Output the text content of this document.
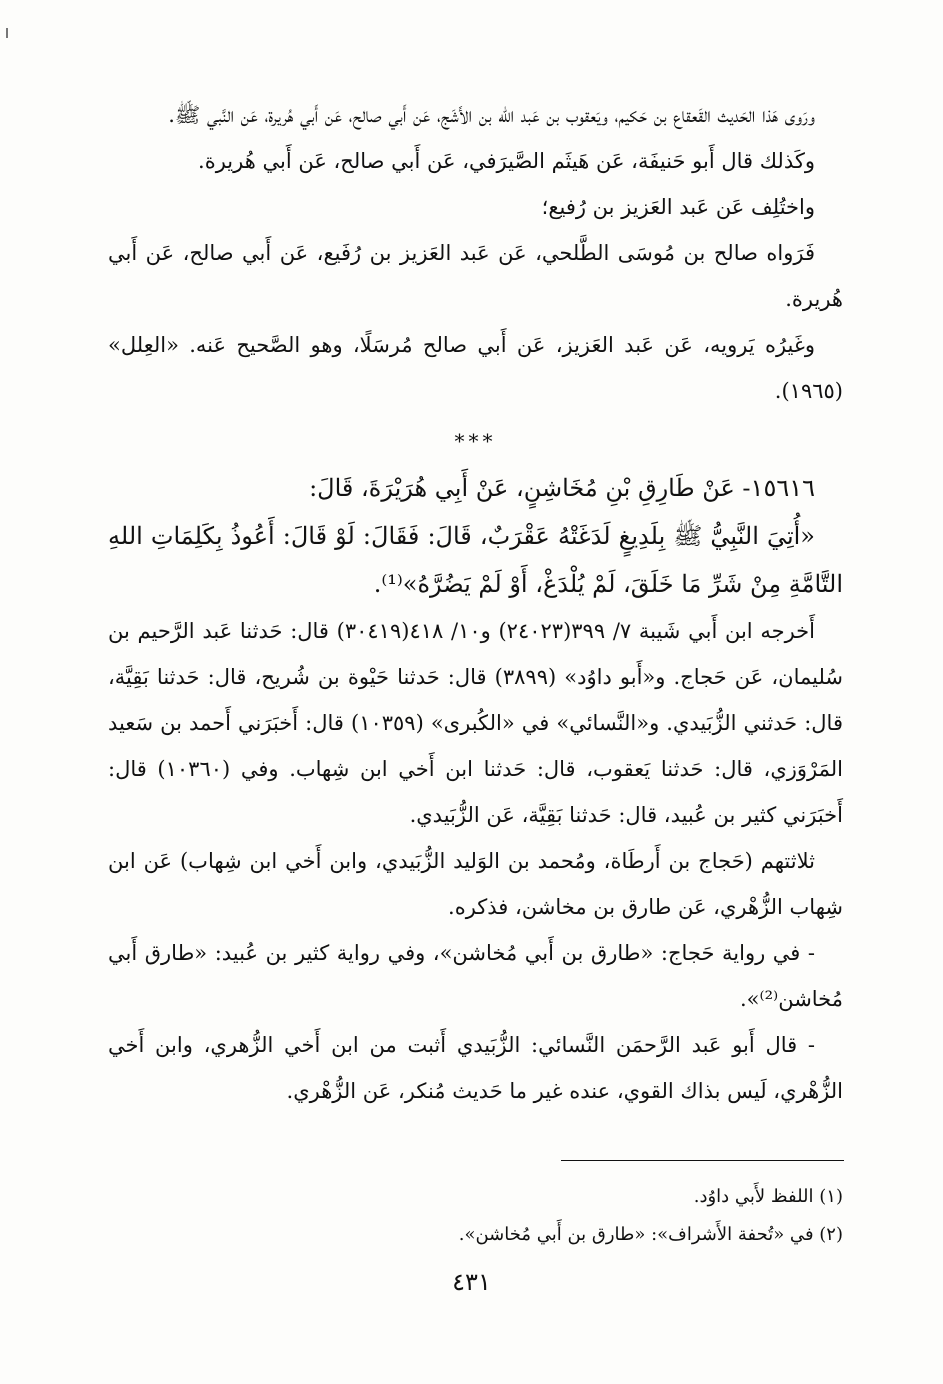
ورَوى هَذا الحَديث القَعقاع بن حَكيم، ويَعقوب بن عَبد الله بن الأَشَج، عَن أَبي صالح، عَن أَبي هُريرة، عَن النَّبي ﷺ.

وكَذلك قال أَبو حَنيفَة، عَن هَيثَم الصَّيرَفي، عَن أَبي صالح، عَن أَبي هُريرة.

واختُلِف عَن عَبد العَزيز بن رُفيع؛

فَرَواه صالح بن مُوسَى الطَّلحي، عَن عَبد العَزيز بن رُفَيع، عَن أَبي صالح، عَن أَبي هُريرة.

وغَيرُه يَرويه، عَن عَبد العَزيز، عَن أَبي صالح مُرسَلًا، وهو الصَّحيح عَنه. «العِلل» (١٩٦٥).

***

١٥٦١٦- عَنْ طَارِقِ بْنِ مُخَاشِنٍ، عَنْ أَبِي هُرَيْرَةَ، قَالَ:

«أُتِيَ النَّبِيُّ ﷺ بِلَدِيغٍ لَدَغَتْهُ عَقْرَبٌ، قَالَ: فَقَالَ: لَوْ قَالَ: أَعُوذُ بِكَلِمَاتِ اللهِ التَّامَّةِ مِنْ شَرِّ مَا خَلَقَ، لَمْ يُلْدَغْ، أَوْ لَمْ يَضُرَّهُ»⁽¹⁾.

أَخرجه ابن أَبي شَيبة ٧/ ٣٩٩(٢٤٠٢٣) و١٠/ ٤١٨(٣٠٤١٩) قال: حَدثنا عَبد الرَّحيم بن سُليمان، عَن حَجاج. و«أَبو داوُد» (٣٨٩٩) قال: حَدثنا حَيْوة بن شُريح، قال: حَدثنا بَقِيَّة، قال: حَدثني الزُّبَيدي. و«النَّسائي» في «الكُبرى» (١٠٣٥٩) قال: أَخبَرَني أَحمد بن سَعيد المَرْوَزي، قال: حَدثنا يَعقوب، قال: حَدثنا ابن أَخي ابن شِهاب. وفي (١٠٣٦٠) قال: أَخبَرَني كثير بن عُبيد، قال: حَدثنا بَقِيَّة، عَن الزُّبَيدي.

ثلاثتهم (حَجاج بن أَرطَاة، ومُحمد بن الوَليد الزُّبَيدي، وابن أَخي ابن شِهاب) عَن ابن شِهاب الزُّهْري، عَن طارق بن مخاشن، فذكره.

- في رواية حَجاج: «طارق بن أَبي مُخاشن»، وفي رواية كثير بن عُبيد: «طارق أَبي مُخاشن⁽²⁾».

- قال أَبو عَبد الرَّحمَن النَّسائي: الزُّبَيدي أَثبت من ابن أَخي الزُّهري، وابن أَخي الزُّهْري، لَيس بذاك القوي، عنده غير ما حَديث مُنكر، عَن الزُّهْري.

(١) اللفظ لأَبي داوُد.

(٢) في «تُحفة الأَشراف»: «طارق بن أَبي مُخاشن».

٤٣١
